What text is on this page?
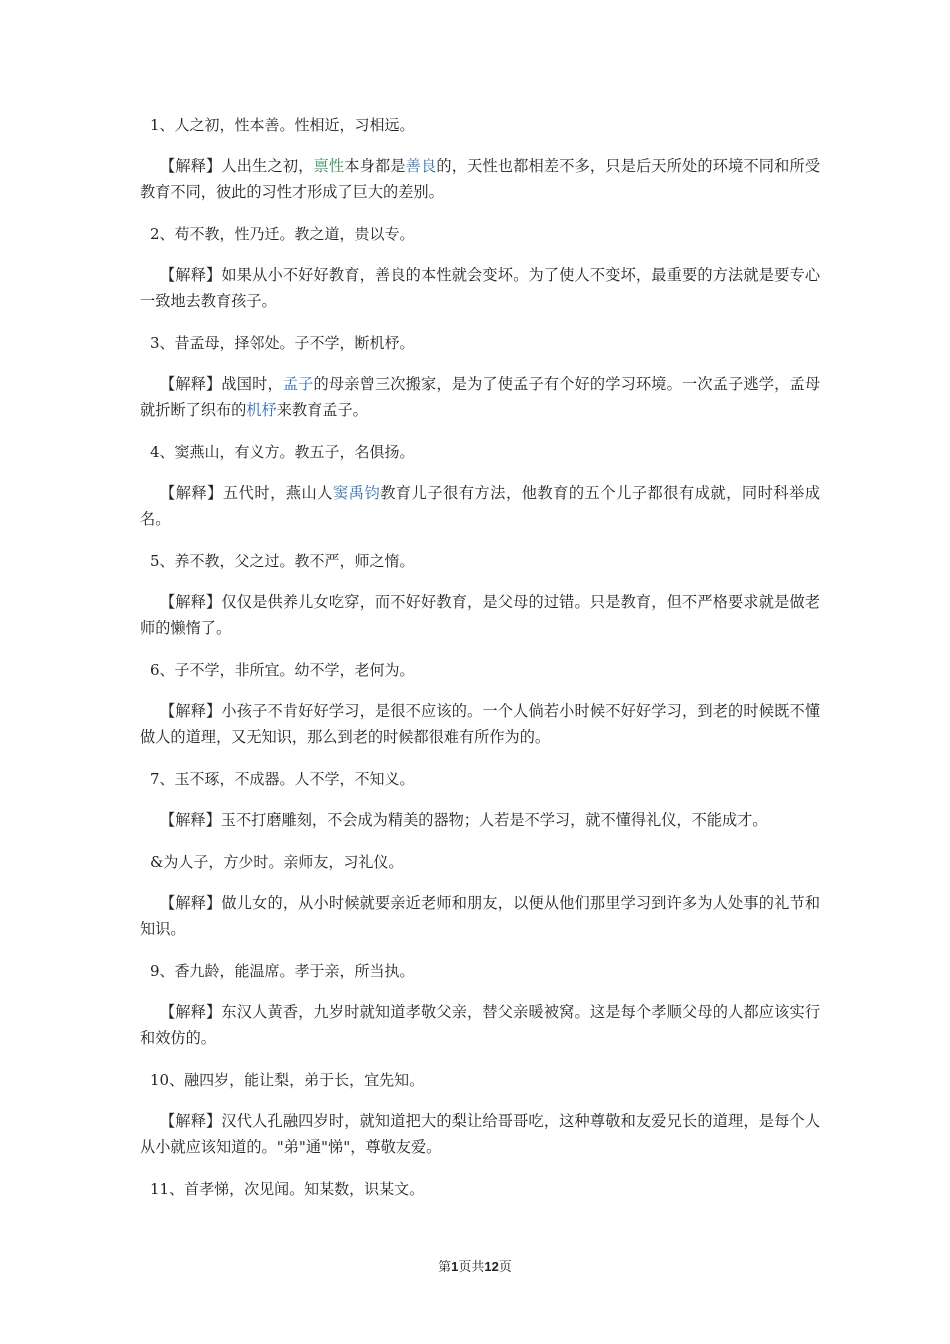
1、人之初，性本善。性相近，习相远。

【解释】人出生之初，禀性本身都是善良的，天性也都相差不多，只是后天所处的环境不同和所受教育不同，彼此的习性才形成了巨大的差别。

2、苟不教，性乃迁。教之道，贵以专。

【解释】如果从小不好好教育，善良的本性就会变坏。为了使人不变坏，最重要的方法就是要专心一致地去教育孩子。

3、昔孟母，择邻处。子不学，断机杼。

【解释】战国时，孟子的母亲曾三次搬家，是为了使孟子有个好的学习环境。一次孟子逃学，孟母就折断了织布的机杼来教育孟子。

4、窦燕山，有义方。教五子，名俱扬。

【解释】五代时，燕山人窦禹钧教育儿子很有方法，他教育的五个儿子都很有成就，同时科举成名。

5、养不教，父之过。教不严，师之惰。

【解释】仅仅是供养儿女吃穿，而不好好教育，是父母的过错。只是教育，但不严格要求就是做老师的懒惰了。

6、子不学，非所宜。幼不学，老何为。

【解释】小孩子不肯好好学习，是很不应该的。一个人倘若小时候不好好学习，到老的时候既不懂做人的道理，又无知识，那么到老的时候都很难有所作为的。

7、玉不琢，不成器。人不学，不知义。

【解释】玉不打磨雕刻，不会成为精美的器物；人若是不学习，就不懂得礼仪，不能成才。

&为人子，方少时。亲师友，习礼仪。

【解释】做儿女的，从小时候就要亲近老师和朋友，以便从他们那里学习到许多为人处事的礼节和知识。

9、香九龄，能温席。孝于亲，所当执。

【解释】东汉人黄香，九岁时就知道孝敬父亲，替父亲暖被窝。这是每个孝顺父母的人都应该实行和效仿的。

10、融四岁，能让梨，弟于长，宜先知。

【解释】汉代人孔融四岁时，就知道把大的梨让给哥哥吃，这种尊敬和友爱兄长的道理，是每个人从小就应该知道的。"弟"通"悌"，尊敬友爱。

11、首孝悌，次见闻。知某数，识某文。

第1页共12页
